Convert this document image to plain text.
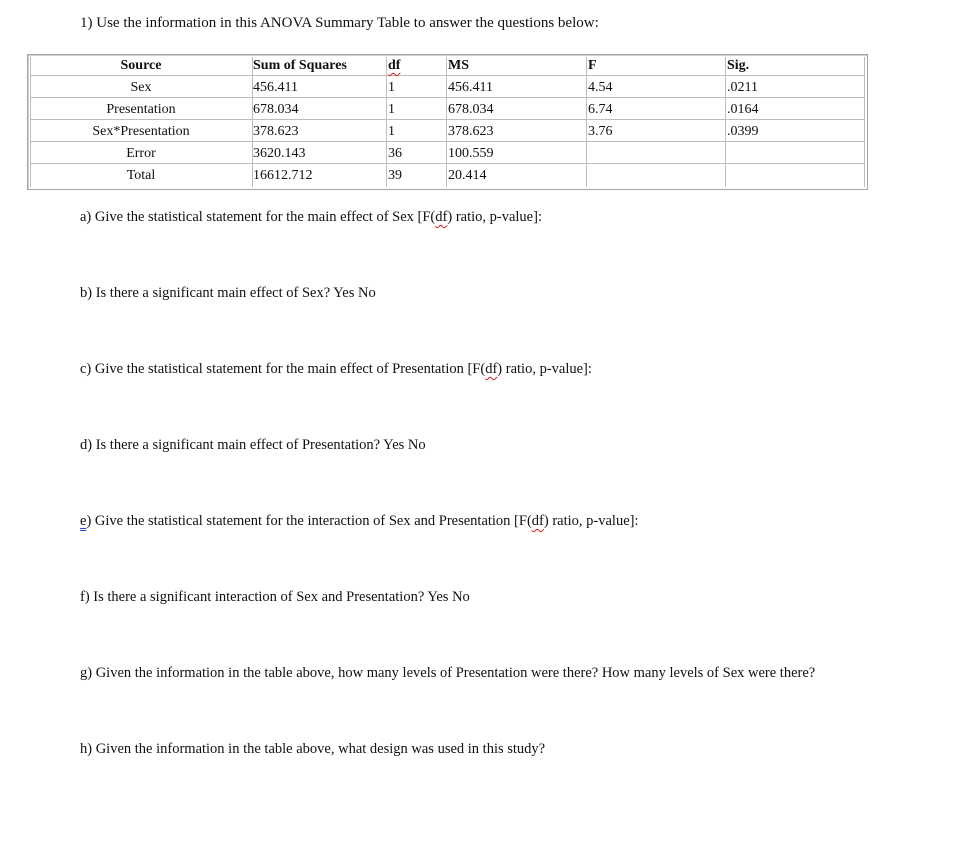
1) Use the information in this ANOVA Summary Table to answer the questions below:
Source	Sum of Squares	df	MS	F	Sig.
Sex	456.411	1	456.411	4.54	.0211
Presentation	678.034	1	678.034	6.74	.0164
Sex*Presentation	378.623	1	378.623	3.76	.0399
Error	3620.143	36	100.559
Total	16612.712	39	20.414
a) Give the statistical statement for the main effect of Sex [F(df) ratio, p-value]:
b) Is there a significant main effect of Sex? Yes No
c) Give the statistical statement for the main effect of Presentation [F(df) ratio, p-value]:
d) Is there a significant main effect of Presentation? Yes No
e) Give the statistical statement for the interaction of Sex and Presentation [F(df) ratio, p-value]:
f) Is there a significant interaction of Sex and Presentation? Yes No
g) Given the information in the table above, how many levels of Presentation were there? How many levels of Sex were there?
h) Given the information in the table above, what design was used in this study?
